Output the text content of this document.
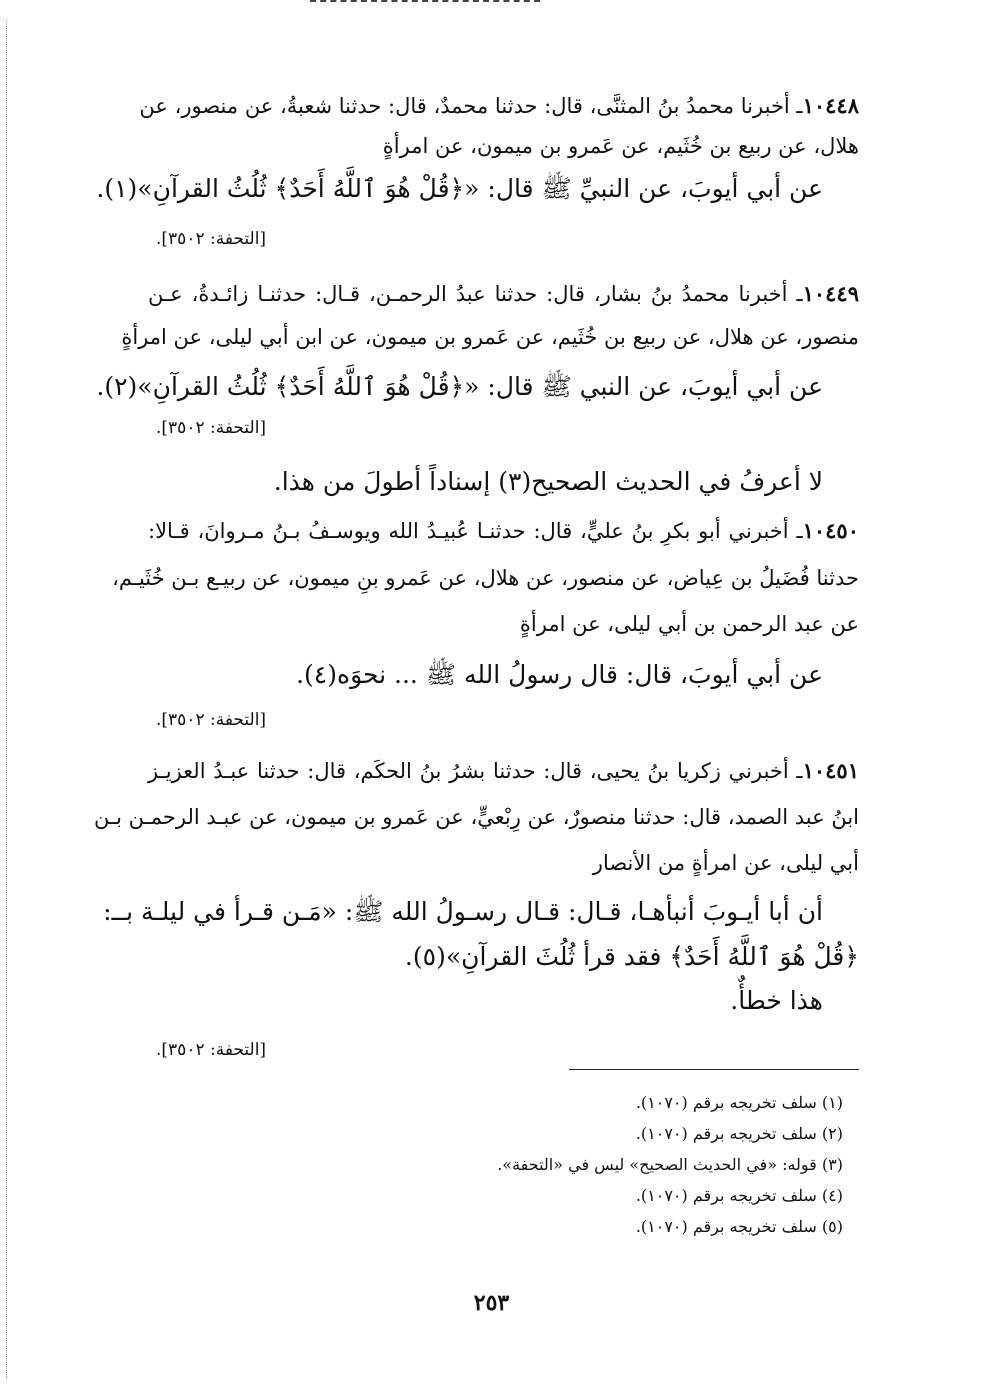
١٠٤٤٨ـ أخبرنا محمدُ بنُ المثنَّى، قال: حدثنا محمدٌ، قال: حدثنا شعبةُ، عن منصور، عن
هلال، عن ربيع بن خُثَيم، عن عَمرو بن ميمون، عن امرأةٍ
عن أبي أيوبَ، عن النبيِّ ﷺ قال: «﴿قُلْ هُوَ ٱللَّهُ أَحَدٌ﴾ ثُلُثُ القرآنِ»(١).
[التحفة: ٣٥٠٢].
١٠٤٤٩ـ أخبرنا محمدُ بنُ بشار، قال: حدثنا عبدُ الرحمـن، قـال: حدثنـا زائـدةُ، عـن
منصور، عن هلال، عن ربيع بن خُثَيم، عن عَمرو بن ميمون، عن ابن أبي ليلى، عن امرأةٍ
عن أبي أيوبَ، عن النبي ﷺ قال: «﴿قُلْ هُوَ ٱللَّهُ أَحَدٌ﴾ ثُلُثُ القرآنِ»(٢).
[التحفة: ٣٥٠٢].
لا أعرفُ في الحديث الصحيح(٣) إسناداً أطولَ من هذا.
١٠٤٥٠ـ أخبرني أبو بكرِ بنُ عليٍّ، قال: حدثنـا عُبيـدُ الله ويوسـفُ بـنُ مـروانَ، قـالا:
حدثنا فُضَيلُ بن عِياض، عن منصور، عن هلال، عن عَمرو بنِ ميمون، عن ربيـع بـن خُثَيـم،
عن عبد الرحمن بن أبي ليلى، عن امرأةٍ
عن أبي أيوبَ، قال: قال رسولُ الله ﷺ ... نحوَه(٤).
[التحفة: ٣٥٠٢].
١٠٤٥١ـ أخبرني زكريا بنُ يحيى، قال: حدثنا بشرُ بنُ الحكَم، قال: حدثنا عبـدُ العزيـز
ابنُ عبد الصمد، قال: حدثنا منصورٌ، عن رِبْعيٍّ، عن عَمرو بن ميمون، عن عبـد الرحمـن بـن
أبي ليلى، عن امرأةٍ من الأنصار
أن أبا أيـوبَ أنبأهـا، قـال: قـال رسـولُ الله ﷺ: «مَـن قـرأ في ليلـة بــ:
﴿قُلْ هُوَ ٱللَّهُ أَحَدٌ﴾ فقد قرأ ثُلُثَ القرآنِ»(٥).
هذا خطأٌ.
[التحفة: ٣٥٠٢].
(١) سلف تخريجه برقم (١٠٧٠).
(٢) سلف تخريجه برقم (١٠٧٠).
(٣) قوله: «في الحديث الصحيح» ليس في «التحفة».
(٤) سلف تخريجه برقم (١٠٧٠).
(٥) سلف تخريجه برقم (١٠٧٠).
٢٥٣
